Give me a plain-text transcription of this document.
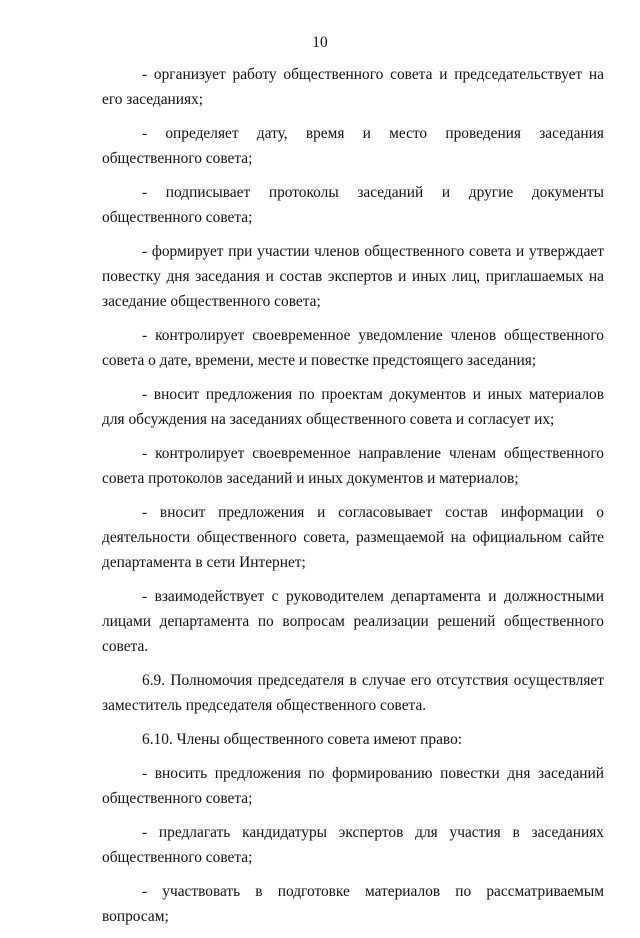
10

- организует работу общественного совета и председательствует на его заседаниях;

- определяет дату, время и место проведения заседания общественного совета;

- подписывает протоколы заседаний и другие документы общественного совета;

- формирует при участии членов общественного совета и утверждает повестку дня заседания и состав экспертов и иных лиц, приглашаемых на заседание общественного совета;

- контролирует своевременное уведомление членов общественного совета о дате, времени, месте и повестке предстоящего заседания;

- вносит предложения по проектам документов и иных материалов для обсуждения на заседаниях общественного совета и согласует их;

- контролирует своевременное направление членам общественного совета протоколов заседаний и иных документов и материалов;

- вносит предложения и согласовывает состав информации о деятельности общественного совета, размещаемой на официальном сайте департамента в сети Интернет;

- взаимодействует с руководителем департамента и должностными лицами департамента по вопросам реализации решений общественного совета.

6.9. Полномочия председателя в случае его отсутствия осуществляет заместитель председателя общественного совета.

6.10. Члены общественного совета имеют право:

- вносить предложения по формированию повестки дня заседаний общественного совета;

- предлагать кандидатуры экспертов для участия в заседаниях общественного совета;

- участвовать в подготовке материалов по рассматриваемым вопросам;
